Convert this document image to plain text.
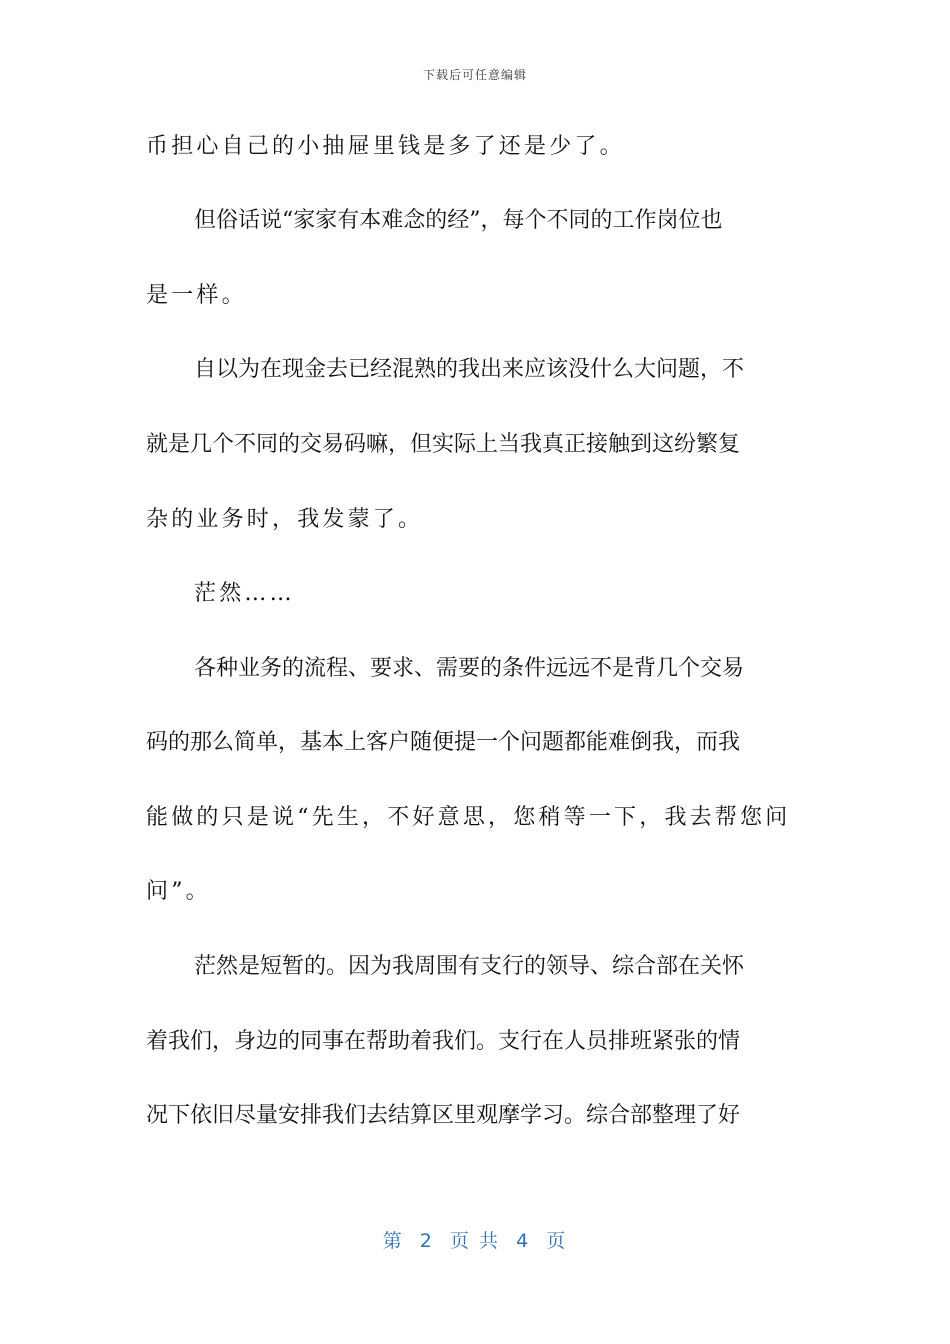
下载后可任意编辑
币担心自己的小抽屉里钱是多了还是少了。
但俗话说“家家有本难念的经”，每个不同的工作岗位也
是一样。
自以为在现金去已经混熟的我出来应该没什么大问题，不
就是几个不同的交易码嘛，但实际上当我真正接触到这纷繁复
杂的业务时，我发蒙了。
茫然……
各种业务的流程、要求、需要的条件远远不是背几个交易
码的那么简单，基本上客户随便提一个问题都能难倒我，而我
能做的只是说“先生，不好意思，您稍等一下，我去帮您问
问”。
茫然是短暂的。因为我周围有支行的领导、综合部在关怀
着我们，身边的同事在帮助着我们。支行在人员排班紧张的情
况下依旧尽量安排我们去结算区里观摩学习。综合部整理了好
第  2  页 共  4  页
